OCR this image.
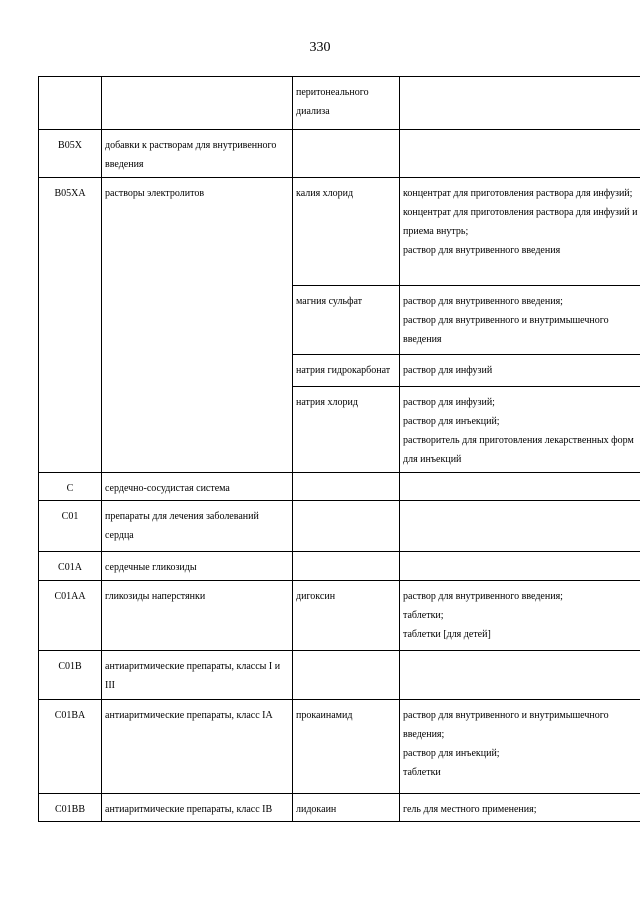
330
		перитонеального диализа	
B05X	добавки к растворам для внутривенного введения		
B05XA	растворы электролитов	калия хлорид	концентрат для приготовления раствора для инфузий;
концентрат для приготовления раствора для инфузий и приема внутрь;
раствор для внутривенного введения

		магния сульфат	раствор для внутривенного введения;
раствор для внутривенного и внутримышечного введения

		натрия гидрокарбонат	раствор для инфузий

		натрия хлорид	раствор для инфузий;
раствор для инъекций;
растворитель для приготовления лекарственных форм для инъекций

C	сердечно-сосудистая система		
C01	препараты для лечения заболеваний сердца		
C01A	сердечные гликозиды		
C01AA	гликозиды наперстянки	дигоксин	раствор для внутривенного введения;
таблетки;
таблетки [для детей]

C01B	антиаритмические препараты, классы I и III		
C01BA	антиаритмические препараты, класс IA	прокаинамид	раствор для внутривенного и внутримышечного введения;
раствор для инъекций;
таблетки

C01BB	антиаритмические препараты, класс IB	лидокаин	гель для местного применения;
